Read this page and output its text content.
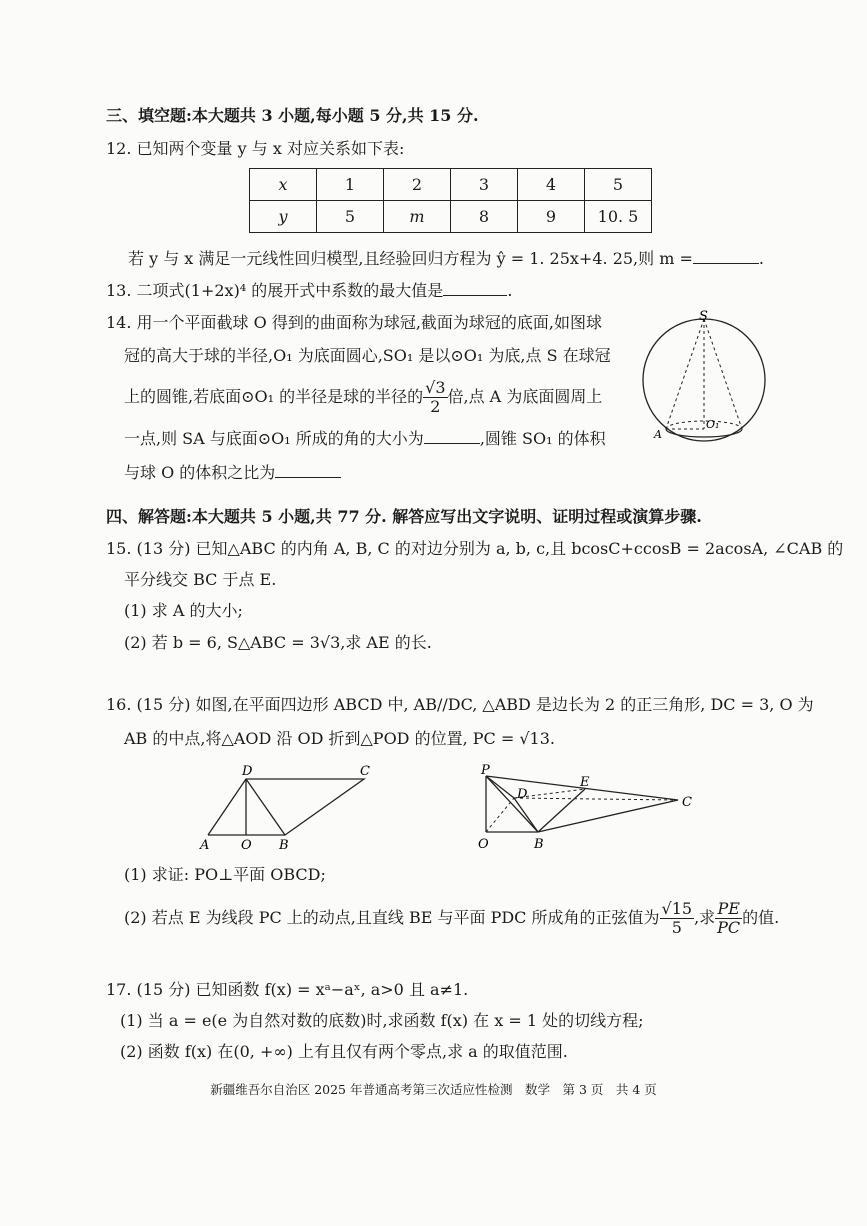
三、填空题:本大题共 3 小题,每小题 5 分,共 15 分.
12. 已知两个变量 y 与 x 对应关系如下表:
x	1	2	3	4	5
y	5	m	8	9	10. 5
若 y 与 x 满足一元线性回归模型,且经验回归方程为 ŷ = 1. 25x+4. 25,则 m =	.
13. 二项式(1+2x)⁴ 的展开式中系数的最大值是	.
14. 用一个平面截球 O 得到的曲面称为球冠,截面为球冠的底面,如图球
冠的高大于球的半径,O₁ 为底面圆心,SO₁ 是以⊙O₁ 为底,点 S 在球冠
上的圆锥,若底面⊙O₁ 的半径是球的半径的 $\frac{√3}{2}$ 倍,点 A 为底面圆周上
一点,则 SA 与底面⊙O₁ 所成的角的大小为	,圆锥 SO₁ 的体积
与球 O 的体积之比为
S
A
O₁
四、解答题:本大题共 5 小题,共 77 分. 解答应写出文字说明、证明过程或演算步骤.
15. (13 分) 已知△ABC 的内角 A, B, C 的对边分别为 a, b, c,且 bcosC+ccosB = 2acosA, ∠CAB 的
平分线交 BC 于点 E.
(1) 求 A 的大小;
(2) 若 b = 6, S△ABC = 3√3,求 AE 的长.
16. (15 分) 如图,在平面四边形 ABCD 中, AB//DC, △ABD 是边长为 2 的正三角形, DC = 3, O 为
AB 的中点,将△AOD 沿 OD 折到△POD 的位置, PC = √13.
D	C
A O B
P
E
D
C
O	B
(1) 求证: PO⊥平面 OBCD;
(2) 若点 E 为线段 PC 上的动点,且直线 BE 与平面 PDC 所成角的正弦值为 $\frac{√15}{5}$ ,求 $\frac{PE}{PC}$ 的值.
17. (15 分) 已知函数 f(x) = xᵃ−aˣ, a>0 且 a≠1.
(1) 当 a = e(e 为自然对数的底数)时,求函数 f(x) 在 x = 1 处的切线方程;
(2) 函数 f(x) 在(0, +∞) 上有且仅有两个零点,求 a 的取值范围.
新疆维吾尔自治区 2025 年普通高考第三次适应性检测　数学　第 3 页　共 4 页
